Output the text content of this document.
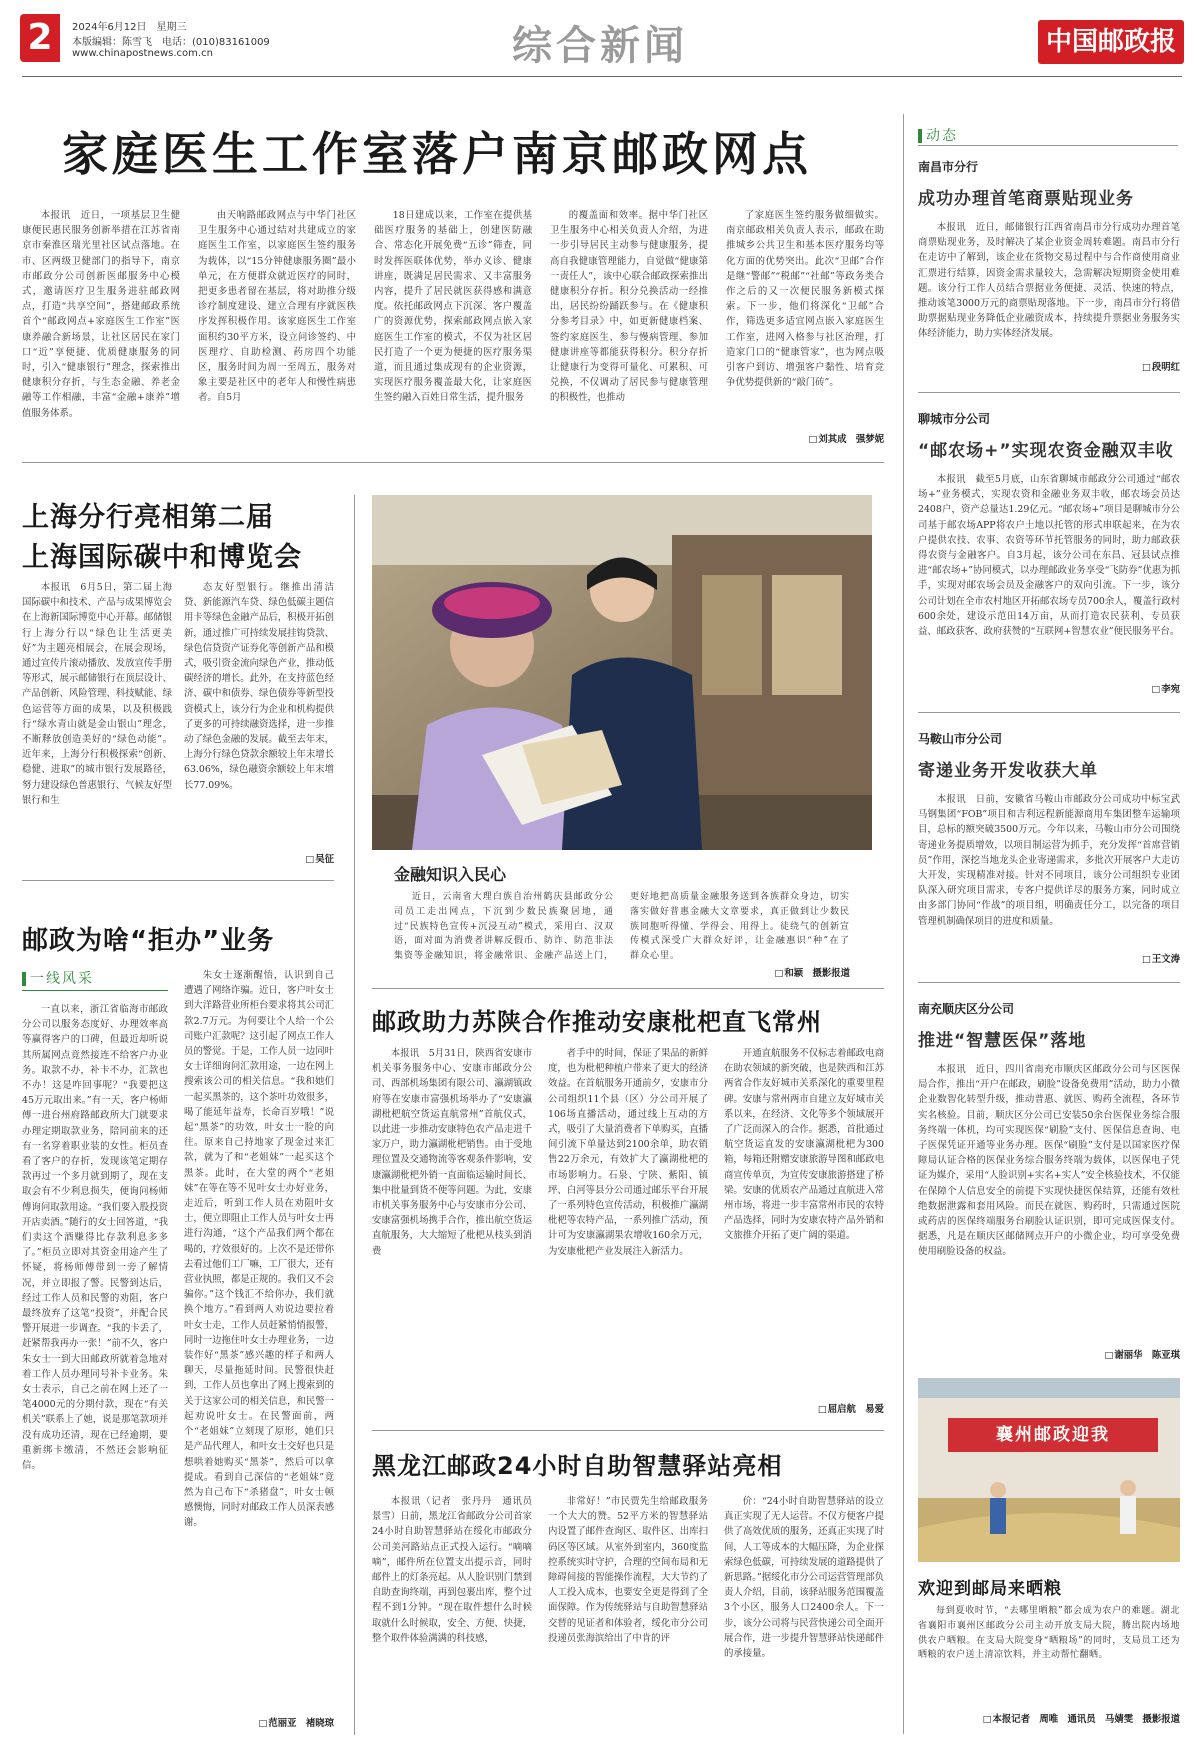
2	2024年6月12日　星期三
本版编辑：陈雪飞　电话：(010)83161009
www.chinapostnews.com.cn	综合新闻	中国邮政报
家庭医生工作室落户南京邮政网点

本报讯　近日，一项基层卫生健康便民惠民服务创新举措在江苏省南京市秦淮区瑞光里社区试点落地。在市、区两级卫健部门的指导下，南京市邮政分公司创新医邮服务中心模式，邀请医疗卫生服务进驻邮政网点，打造“共享空间”，搭建邮政系统首个“邮政网点+家庭医生工作室”医康养融合新场景，让社区居民在家门口“近”享便捷、优质健康服务的同时，引入“健康银行”理念，探索推出健康积分存折，与生态金融、养老金融等工作相融，丰富“金融+康养”增值服务体系。

由天响路邮政网点与中华门社区卫生服务中心通过结对共建成立的家庭医生工作室，以家庭医生签约服务为载体，以“15分钟健康服务圈”最小单元，在方便群众就近医疗的同时，把更多患者留在基层，将对助推分级诊疗制度建设、建立合理有序就医秩序发挥积极作用。该家庭医生工作室面积约30平方米，设立问诊签约、中医理疗、自助检测、药房四个功能区，服务时间为周一至周五，服务对象主要是社区中的老年人和慢性病患者。自5月

18日建成以来，工作室在提供基础医疗服务的基础上，创建医防融合、常态化开展免费“五诊”筛查，同时发挥医联体优势，举办义诊、健康讲座，既满足居民需求、又丰富服务内容，提升了居民就医获得感和满意度。依托邮政网点下沉深、客户覆盖广的资源优势，探索邮政网点嵌入家庭医生工作室的模式，不仅为社区居民打造了一个更为便捷的医疗服务渠道，而且通过集成现有的企业资源，实现医疗服务覆盖最大化，让家庭医生签约融入百姓日常生活，提升服务

的覆盖面和效率。据中华门社区卫生服务中心相关负责人介绍，为进一步引导居民主动参与健康服务，提高自我健康管理能力，自觉做“健康第一责任人”，该中心联合邮政探索推出健康积分存折。积分兑换活动一经推出，居民纷纷踊跃参与。在《健康积分参考目录》中，如更新健康档案、签约家庭医生、参与慢病管理、参加健康讲座等都能获得积分。积分存折让健康行为变得可量化、可累积、可兑换，不仅调动了居民参与健康管理的积极性，也推动

了家庭医生签约服务做细做实。南京邮政相关负责人表示，邮政在助推城乡公共卫生和基本医疗服务均等化方面的优势突出。此次“卫邮”合作是继“警邮”“税邮”“社邮”等政务类合作之后的又一次便民服务新模式探索。下一步，他们将深化“卫邮”合作，筛选更多适宜网点嵌入家庭医生工作室，进网入格参与社区治理，打造家门口的“健康管家”，也为网点吸引客户到访、增强客户黏性、培育竞争优势提供新的“敲门砖”。

□ 刘其成　强梦妮
上海分行亮相第二届
上海国际碳中和博览会

本报讯　6月5日，第二届上海国际碳中和技术、产品与成果博览会在上海新国际博览中心开幕。邮储银行上海分行以“绿色让生活更美好”为主题亮相展会，在展会现场，通过宣传片滚动播放、发放宣传手册等形式，展示邮储银行在顶层设计、产品创新、风险管理、科技赋能、绿色运营等方面的成果，以及积极践行“绿水青山就是金山银山”理念，不断释放创造美好的“绿色动能”。近年来，上海分行积极探索“创新、稳健、进取”的城市银行发展路径，努力建设绿色普惠银行、气候友好型银行和生

态友好型银行。继推出清洁贷、新能源汽车贷、绿色低碳主题信用卡等绿色金融产品后，积极开拓创新，通过推广可持续发展挂钩贷款、绿色信贷资产证券化等创新产品和模式，吸引资金流向绿色产业，推动低碳经济的增长。此外，在支持蓝色经济、碳中和债券、绿色债券等新型投资模式上，该分行为企业和机构提供了更多的可持续融资选择，进一步推动了绿色金融的发展。截至去年末，上海分行绿色贷款余额较上年末增长63.06%，绿色融资余额较上年末增长77.09%。

□ 吴征
金融知识入民心

近日，云南省大理白族自治州鹤庆县邮政分公司员工走出网点，下沉到少数民族聚居地，通过“民族特色宣传+沉浸互动”模式，采用白、汉双语，面对面为消费者讲解反假币、防诈、防范非法集资等金融知识，将金融常识、金融产品送上门，更好地把高质量金融服务送到各族群众身边，切实落实做好普惠金融大文章要求，真正做到让少数民族同胞听得懂、学得会、用得上。徒绕气的创新宣传模式深受广大群众好评，让金融惠识“种”在了群众心里。

□ 和颖　摄影报道
邮政为啥“拒办”业务
一线风采

一直以来，浙江省临海市邮政分公司以服务态度好、办理效率高等赢得客户的口碑，但最近却听说其所属网点竟然接连不给客户办业务。取款不办，补卡不办，汇款也不办！这是咋回事呢？“我要把这45万元取出来。”有一天，客户杨师傅一进台州府路邮政所大门就要求办理定期取款业务，陪同前来的还有一名穿着职业装的女性。柜员查看了客户的存折，发现该笔定期存款再过一个多月就到期了，现在支取会有不少利息损失，便询问杨师傅询问取款用途。“我们要入股投资开店卖酒。”随行的女士回答道，“我们卖这个酒赚得比存款利息多多了。”柜员立即对其资金用途产生了怀疑，将杨师傅带到一旁了解情况，并立即报了警。民警到达后，经过工作人员和民警的劝阻，客户最终放弃了这笔“投资”，并配合民警开展进一步调查。“我的卡丢了，赶紧帮我再办一张！”前不久，客户朱女士一到大田邮政所就着急地对着工作人员办理同号补卡业务。朱女士表示，自己之前在网上还了一笔4000元的分期付款，现在“有关机关”联系上了她，说是那笔款项并没有成功还清，现在已经逾期，要重新绑卡缴清，不然还会影响征信。

朱女士逐渐醒悟，认识到自己遭遇了网络诈骗。近日，客户叶女士到大洋路营业所柜台要求将其公司汇款2.7万元。为何要让个人给一个公司账户汇款呢？这引起了网点工作人员的警觉。于是，工作人员一边同叶女士详细询问汇款用途，一边在网上搜索该公司的相关信息。“我和她们一起买黑茶的，这个茶叶功效很多，喝了能延年益寿，长命百岁哦！”说起“黑茶”的功效，叶女士一脸的向往。原来自己持地家了现金过来汇款，就为了和“老姐妹”一起买这个黑茶。此时，在大堂的两个“老姐妹”在等在等不见叶女士办好业务，走近后，听到工作人员在劝阻叶女士，便立即阻止工作人员与叶女士再进行沟通，“这个产品我们两个都在喝的，疗效很好的。上次不是还带你去看过他们工厂嘛，工厂很大，还有营业执照，都是正规的。我们又不会骗你。”这个钱汇不给你办，我们就换个地方。”看到两人劝说边要拉着叶女士走，工作人员赶紧悄悄报警，同时一边拖住叶女士办理业务，一边装作好“黑茶”感兴趣的样子和两人聊天，尽量拖延时间。民警很快赶到，工作人员也拿出了网上搜索到的关于这家公司的相关信息，和民警一起劝说叶女士。在民警面前，两个“老姐妹”立刻现了原形，她们只是产品代理人，和叶女士交好也只是想哄着她购买“黑茶”，然后可以拿提成。看到自己深信的“老姐妹”竟然为自己布下“杀猪盘”，叶女士顿感懊悔，同时对邮政工作人员深表感谢。

□ 范丽亚　褚晓琼
邮政助力苏陕合作推动安康枇杷直飞常州

本报讯　5月31日，陕西省安康市机关事务服务中心、安康市邮政分公司、西部机场集团有限公司、瀛湖镇政府等在安康市富强机场举办了“安康瀛湖枇杷航空货运直航常州”首航仪式，以此进一步推动安康特色农产品走进千家万户，助力瀛湖枇杷销售。由于受地理位置及交通物流等客观条件影响，安康瀛湖枇杷外销一直面临运输时间长、集中批量到货不便等问题。为此，安康市机关事务服务中心与安康市分公司、安康富强机场携手合作，推出航空货运直航服务，大大缩短了枇杷从枝头到消费

者手中的时间，保证了果品的新鲜度，也为枇杷种植户带来了更大的经济效益。在首航服务开通前夕，安康市分公司组织11个县（区）分公司开展了106场直播活动，通过线上互动的方式，吸引了大量消费者下单购买，直播间引流下单量达到2100余单，助农销售22万余元，有效扩大了瀛湖枇杷的市场影响力。石泉、宁陕、紫阳、镇坪、白河等县分公司通过邮乐平台开展了一系列特色宣传活动，积极推广瀛湖枇杷等农特产品，一系列推广活动，预计可为安康瀛湖果农增收160余万元，为安康枇杷产业发展注入新活力。

开通直航服务不仅标志着邮政电商在助农领域的新突破，也是陕西和江苏两省合作友好城市关系深化的重要里程碑。安康与常州两市自建立友好城市关系以来，在经济、文化等多个领域展开了广泛而深入的合作。据悉，首批通过航空货运直发的安康瀛湖枇杷为300箱，每箱还附赠安康旅游导图和邮政电商宣传单页，为宣传安康旅游搭建了桥梁。安康的优质农产品通过直航进入常州市场，将进一步丰富常州市民的农特产品选择，同时为安康农特产品外销和文旅推介开拓了更广阔的渠道。

□ 屈启航　易爱
黑龙江邮政24小时自助智慧驿站亮相

本报讯（记者　张丹丹　通讯员　景雪）日前，黑龙江省邮政分公司首家24小时自助智慧驿站在绥化市邮政分公司美河路站点正式投入运行。“嘀嘀嘀”，邮件所在位置支出提示音，同时邮件上的灯条亮起。从人脸识别门禁到自助查询终端，再到包裹出库，整个过程不到1分钟。“现在取件想什么时候取就什么时候取，安全、方便、快捷，整个取件体验满满的科技感，

非常好！”市民贾先生给邮政服务一个大大的赞。52平方米的智慧驿站内设置了邮件查询区、取件区、出库扫码区等区域。从室外到室内，360度监控系统实时守护，合理的空间布局和无障碍间接的智能操作流程，大大节约了人工投入成本，也要安全更是得到了全面保障。作为传统驿站与自助智慧驿站交替的见证者和体验者，绥化市分公司投递员张海滨给出了中肯的评

价：“24小时自助智慧驿站的设立真正实现了无人运营。不仅方便客户提供了高效优质的服务，还真正实现了时间，人工等成本的大幅压降，为企业探索绿色低碳，可持续发展的道路提供了新思路。”据绥化市分公司运营管理部负责人介绍，目前，该驿站服务范围覆盖3个小区，服务人口2400余人。下一步，该分公司将与民营快递公司全面开展合作，进一步提升智慧驿站快递邮件的承接量。

动态
南昌市分行
成功办理首笔商票贴现业务

本报讯　近日，邮储银行江西省南昌市分行成功办理首笔商票贴现业务，及时解决了某企业资金周转难题。南昌市分行在走访中了解到，该企业在货物交易过程中与合作商使用商业汇票进行结算，因资金需求量较大，急需解决短期资金使用难题。该分行工作人员结合票据业务便捷、灵活、快速的特点，推动该笔3000万元的商票贴现落地。下一步，南昌市分行将借助票据贴现业务降低企业融资成本，持续提升票据业务服务实体经济能力，助力实体经济发展。

□ 段明红
聊城市分公司
“邮农场+”实现农资金融双丰收

本报讯　截至5月底，山东省聊城市邮政分公司通过“邮农场+”业务模式，实现农资和金融业务双丰收，邮农场会员达2408户，资产总量达1.29亿元。“邮农场+”项目是聊城市分公司基于邮农场APP将农户土地以托管的形式串联起来，在为农户提供农技、农事、农资等环节托管服务的同时，助力邮政获得农资与金融客户。自3月起，该分公司在东昌、冠县试点推进“邮农场+”协同模式，以办理邮政业务享受“飞防券”优惠为抓手，实现对邮农场会员及金融客户的双向引流。下一步，该分公司计划在全市农村地区开拓邮农场专员700余人，覆盖行政村600余处，建设示范田14万亩，从而打造农民获利、专员获益、邮政获客、政府获赞的“互联网+智慧农业”便民服务平台。

□ 李宛
马鞍山市分公司
寄递业务开发收获大单

本报讯　日前，安徽省马鞍山市邮政分公司成功中标宝武马钢集团“FOB”项目和吉利远程新能源商用车集团整车运输项目，总标的额突破3500万元。今年以来，马鞍山市分公司围绕寄递业务提质增效，以项目制运营为抓手，充分发挥“首席营销员”作用，深挖当地龙头企业寄递需求，多批次开展客户大走访大开发，实现精准对接。针对不同项目，该分公司组织专业团队深入研究项目需求，专客户提供详尽的服务方案，同时成立由多部门协同“作战”的项目组，明确责任分工，以完备的项目管理机制确保项目的进度和质量。

□ 王文涛
南充顺庆区分公司
推进“智慧医保”落地

本报讯　近日，四川省南充市顺庆区邮政分公司与区医保局合作，推出“开户在邮政，刷脸”设备免费用”活动，助力小微企业数智化转型升级，推动普惠、就医、购药全流程，各环节实名核验。目前，顺庆区分公司已安装50余台医保业务综合服务终端一体机，均可实现医保“刷脸”支付、医保信息查询、电子医保凭证开通等业务办理。医保“刷脸”支付是以国家医疗保障局认证合格的医保业务综合服务终端为载体，以医保电子凭证为媒介，采用“人脸识别+实名+实人”安全核验技术，不仅能在保障个人信息安全的前提下实现快捷医保结算，还能有效杜绝数据泄露和套用风险。而民在就医、购药时，只需通过医院或药店的医保终端服务台刷脸认证识别，即可完成医保支付。据悉，凡是在顺庆区邮储网点开户的小微企业，均可享受免费使用刷脸设备的权益。

□ 谢丽华　陈亚琪
襄州邮政迎我
欢迎到邮局来晒粮

每到夏收时节，“去哪里晒粮”都会成为农户的难题。湖北省襄阳市襄州区邮政分公司主动开放支局大院，腾出院内场地供农户晒粮。在支局大院变身“晒粮场”的同时，支局员工还为晒粮的农户送上清凉饮料，并主动帮忙翻晒。

□ 本报记者　周唯　通讯员　马婧雯　摄影报道
